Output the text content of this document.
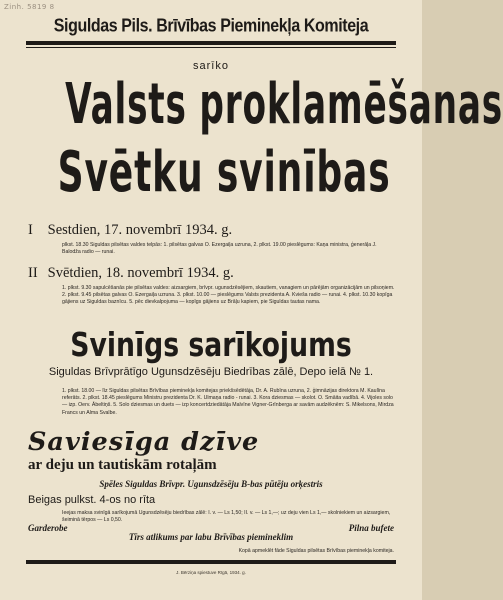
Zinh. 5819 8
Siguldas Pils. Brīvības Pieminekļa Komiteja
sarīko
Valsts proklamēšanas
Svētku svinības
I Sestdien, 17. novembrī 1934. g.
plkst. 18.30 Siguldas pilsētas valdes telpās: 1. pilsētas galvas O. Ezergaiļa uzruna, 2. plkst. 19.00 pieslēgums: Kaņa ministra, ģenerāļa J. Balodža radio — runai.
II Svētdien, 18. novembrī 1934. g.
1. plkst. 9.30 sapulcēšanās pie pilsētas valdes: aizsargiem, brīvpr. ugunsdzēsējiem, skautiem, vanagiem un pārējām organizācijām un pilsoņiem. 2. plkst. 9.45 pilsētas galvas O. Ezergaiļa uzruna. 3. plkst. 10.00 — pieslēgums Valsts prezidenta A. Kvieša radio — runai. 4. plkst. 10.30 kopīga gājiens uz Siguldas baznīcu. 5. pēc dievkalpojuma — kopīgs gājiens uz Brāļu kapiem, pie Siguldas tautas nama.
Svinīgs sarīkojums
Siguldas Brīvprātīgo Ugunsdzēsēju Biedrības zālē, Depo ielā № 1.
1. plkst. 18.00 — līz Siguldas pilsētas Brīvības pieminekļa komitejas priekšsēdētāja, Dr. A. Rubīna uzruna, 2. ģimnāzijas direktora M. Kaulīna referāts. 2. plkst. 18.45 pieslēgums Ministru prezidenta Dr. K. Ulmaņa radio - runai. 3. Kora dziesmas — skolot. O. Smāita vadībā. 4. Vijoles solo — izp. Oerv. Ābeltiņš. 5. Solo dziesmas un duets — izp koncertdziedātāja Malvīne Vigner-Grīnberga ar savām audzēknēm: S. Mikelsons, Mirdza Francs un Alma Svalbe.
Saviesīga dzīve
ar deju un tautiskām rotaļām
Spēles Siguldas Brīvpr. Ugunsdzēsēju B-bas pūtēju orķestris
Beigas pulkst. 4-os no rīta
Ieejas maksa svinīgā sarīkojumā Ugunsdzēsēju biedrības zālē: I. v. — Ls 1,50; II. v. — Ls 1,—; uz deju vien Ls 1,— skolniekiem un aizsargiem, šeiminā tērpos — Ls 0,50.
Garderobe	Pilna bufete
Tīrs atlikums par labu Brīvības piemineklim
Kopā apmeklēt fāde Siguldas pilsētas Brīvības pieminekļa komiteja.
J. Bērziņa spiestuve Rīgā, 1934. g.
